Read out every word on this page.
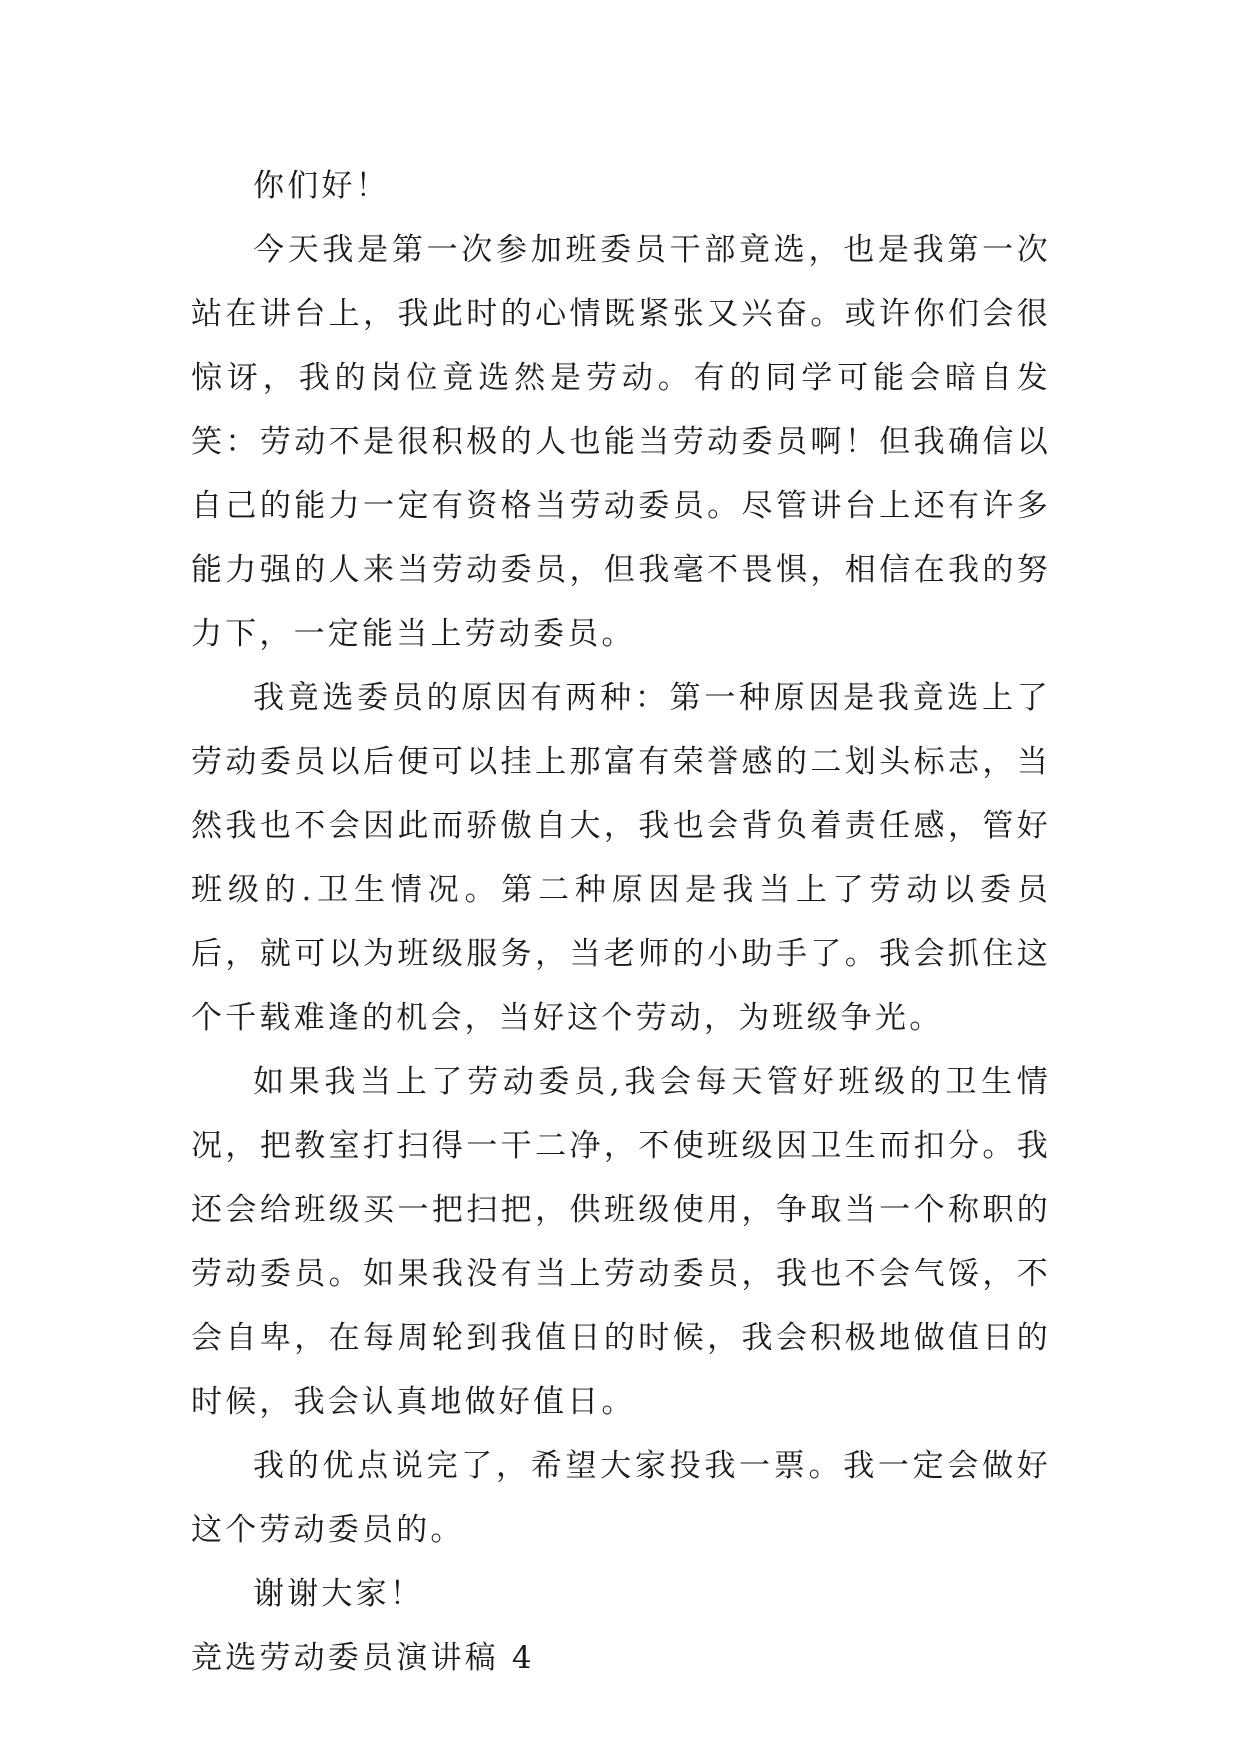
你们好！

今天我是第一次参加班委员干部竟选，也是我第一次站在讲台上，我此时的心情既紧张又兴奋。或许你们会很惊讶，我的岗位竟选然是劳动。有的同学可能会暗自发笑：劳动不是很积极的人也能当劳动委员啊！但我确信以自己的能力一定有资格当劳动委员。尽管讲台上还有许多能力强的人来当劳动委员，但我毫不畏惧，相信在我的努力下，一定能当上劳动委员。

我竟选委员的原因有两种：第一种原因是我竟选上了劳动委员以后便可以挂上那富有荣誉感的二划头标志，当然我也不会因此而骄傲自大，我也会背负着责任感，管好班级的.卫生情况。第二种原因是我当上了劳动以委员后，就可以为班级服务，当老师的小助手了。我会抓住这个千载难逢的机会，当好这个劳动，为班级争光。

如果我当上了劳动委员,我会每天管好班级的卫生情况，把教室打扫得一干二净，不使班级因卫生而扣分。我还会给班级买一把扫把，供班级使用，争取当一个称职的劳动委员。如果我没有当上劳动委员，我也不会气馁，不会自卑，在每周轮到我值日的时候，我会积极地做值日的时候，我会认真地做好值日。

我的优点说完了，希望大家投我一票。我一定会做好这个劳动委员的。

谢谢大家！

竞选劳动委员演讲稿 4
